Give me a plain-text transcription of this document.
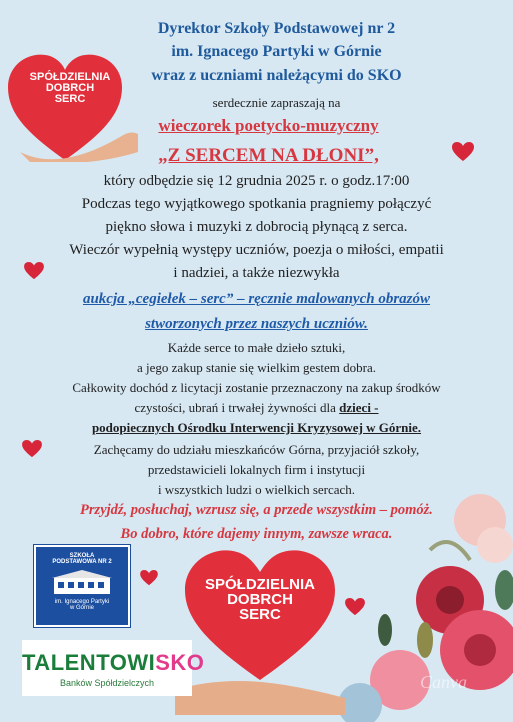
SPÓŁDZIELNIA
DOBRCH
SERC
SPÓŁDZIELNIA
DOBRCH
SERC
SZKOŁA
PODSTAWOWA NR 2
im. Ignacego Partyki
w Górnie
TALENTOWISKO
Banków Spółdzielczych	Canva

Dyrektor Szkoły Podstawowej nr 2

im. Ignacego Partyki w Górnie

wraz z uczniami należącymi do SKO

serdecznie zapraszają na

wieczorek poetycko-muzyczny

„Z SERCEM NA DŁONI”,

który odbędzie się 12 grudnia 2025 r. o godz.17:00

Podczas tego wyjątkowego spotkania pragniemy połączyć

piękno słowa i muzyki z dobrocią płynącą z serca.

Wieczór wypełnią występy uczniów, poezja o miłości, empatii

i nadziei, a także niezwykła

aukcja „cegiełek – serc” – ręcznie malowanych obrazów

stworzonych przez naszych uczniów.

Każde serce to małe dzieło sztuki,

a jego zakup stanie się wielkim gestem dobra.

Całkowity dochód z licytacji zostanie przeznaczony na zakup środków

czystości, ubrań i trwałej żywności dla dzieci -

podopiecznych Ośrodku Interwencji Kryzysowej w Górnie.

Zachęcamy do udziału mieszkańców Górna, przyjaciół szkoły,

przedstawicieli lokalnych firm i instytucji

i wszystkich ludzi o wielkich sercach.

Przyjdź, posłuchaj, wzrusz się, a przede wszystkim – pomóż.

Bo dobro, które dajemy innym, zawsze wraca.
